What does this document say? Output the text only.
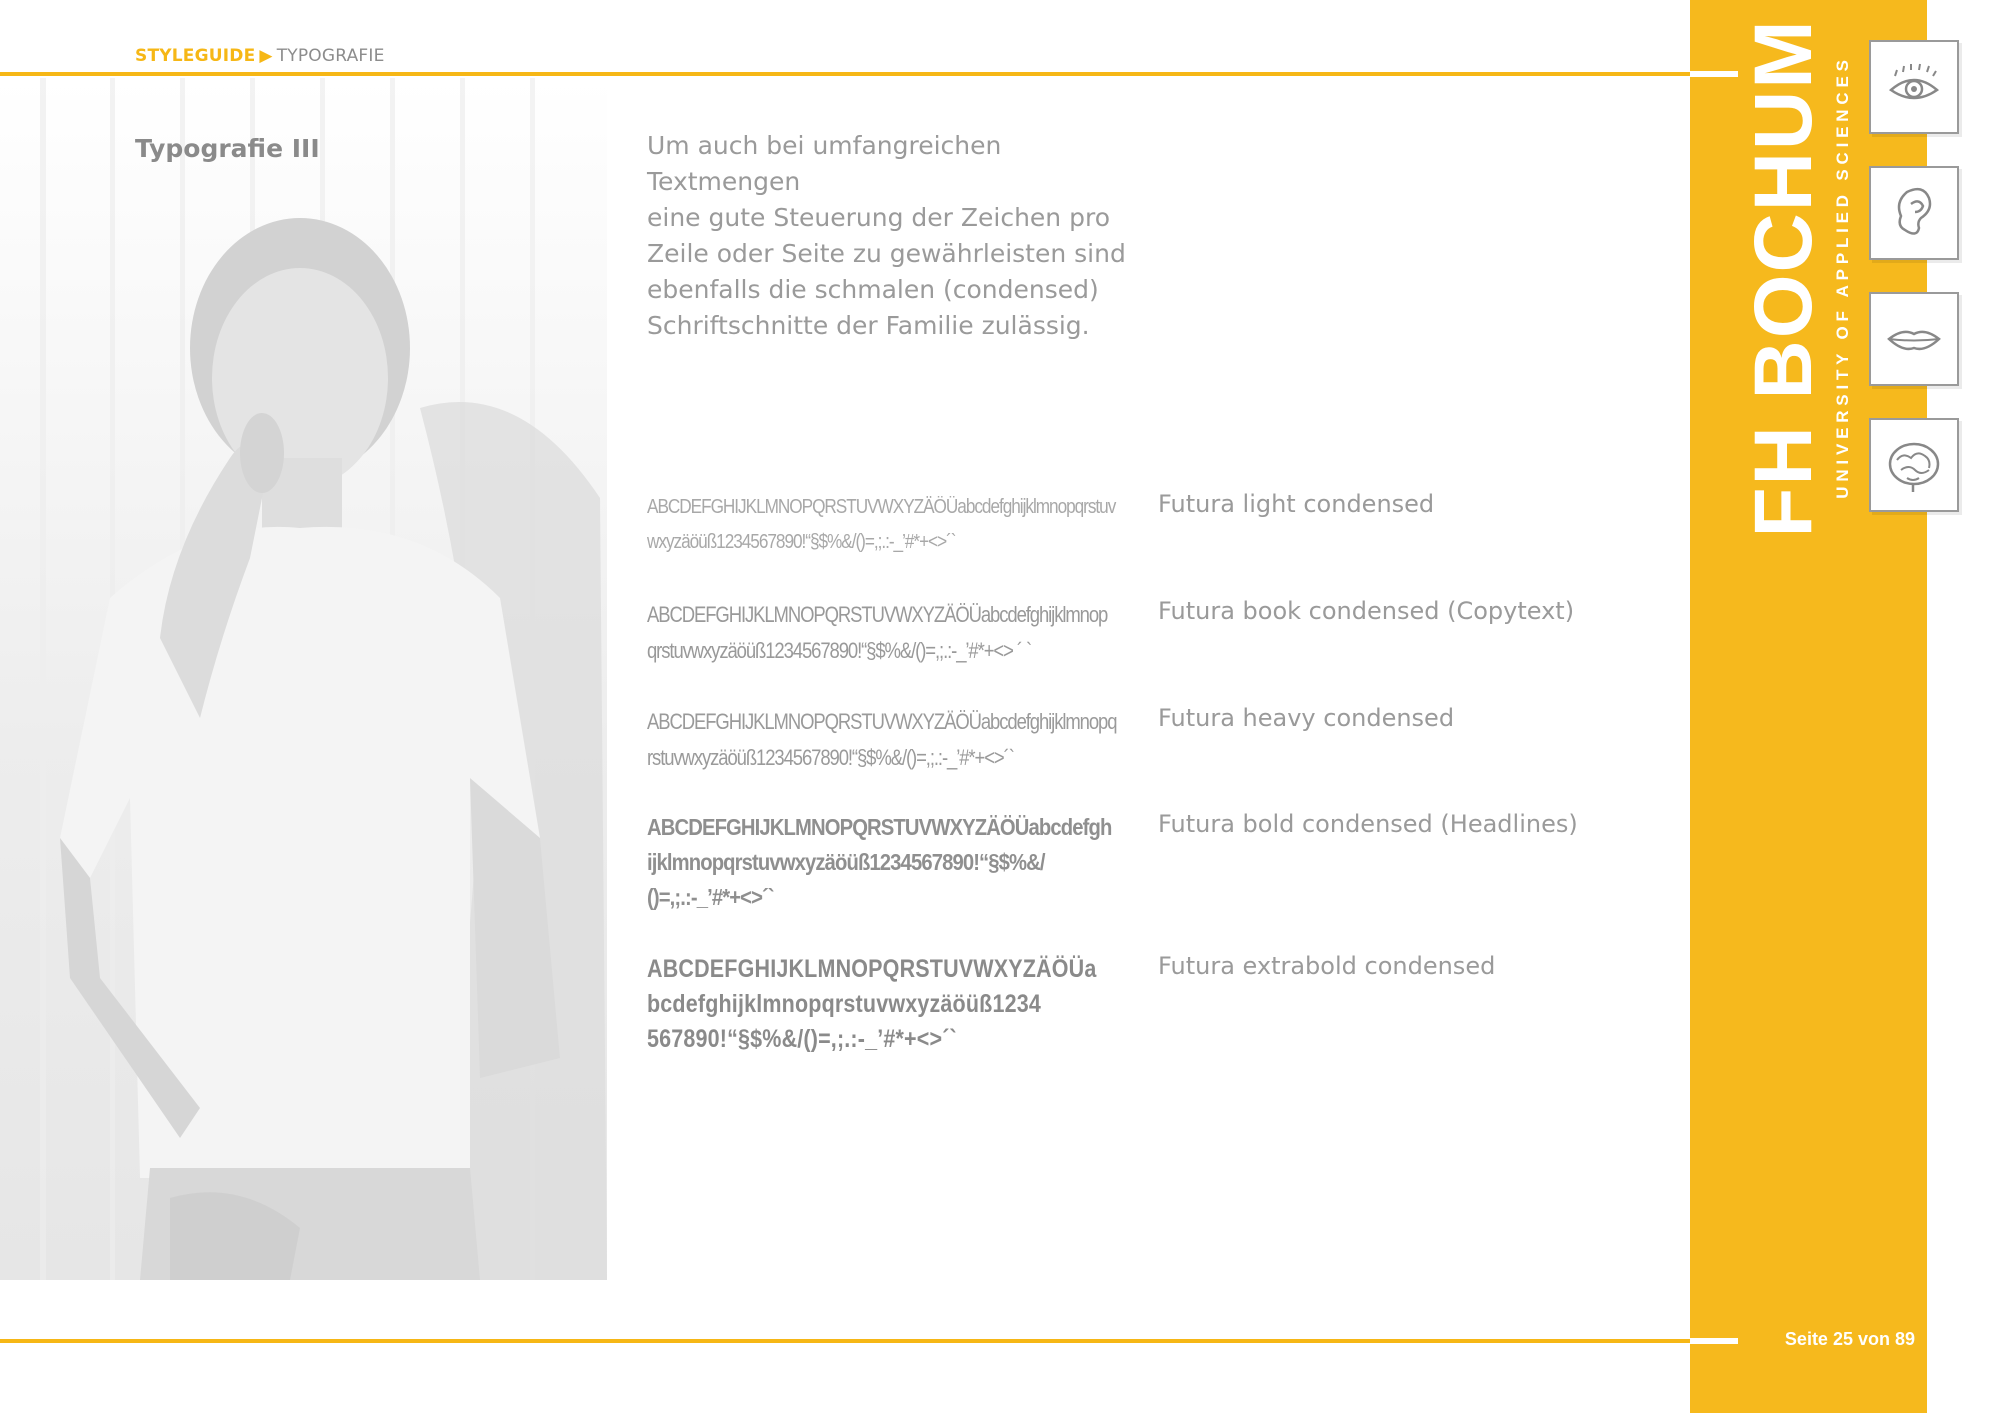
STYLEGUIDE ▶ TYPOGRAFIE
Typografie III	Um auch bei umfangreichen Textmengen
eine gute Steuerung der Zeichen pro
Zeile oder Seite zu gewährleisten sind
ebenfalls die schmalen (condensed)
Schriftschnitte der Familie zulässig.
ABCDEFGHIJKLMNOPQRSTUVWXYZÄÖÜabcdefghijklmnopqrstuv
wxyzäöüß1234567890!“§$%&/()=,;.:-_’#*+<>´`
Futura light condensed
ABCDEFGHIJKLMNOPQRSTUVWXYZÄÖÜabcdefghijklmnop
qrstuvwxyzäöüß1234567890!“§$%&/()=,;.:-_’#*+<> ´ `
Futura book condensed (Copytext)
ABCDEFGHIJKLMNOPQRSTUVWXYZÄÖÜabcdefghijklmnopq
rstuvwxyzäöüß1234567890!“§$%&/()=,;.:-_’#*+<>´`
Futura heavy condensed
ABCDEFGHIJKLMNOPQRSTUVWXYZÄÖÜabcdefgh
ijklmnopqrstuvwxyzäöüß1234567890!“§$%&/
()=,;.:-_’#*+<>´`
Futura bold condensed (Headlines)
ABCDEFGHIJKLMNOPQRSTUVWXYZÄÖÜa
bcdefghijklmnopqrstuvwxyzäöüß1234
567890!“§$%&/()=,;.:-_’#*+<>´`
Futura extrabold condensed
FH BOCHUM UNIVERSITY OF APPLIED SCIENCES
Seite 25 von 89
